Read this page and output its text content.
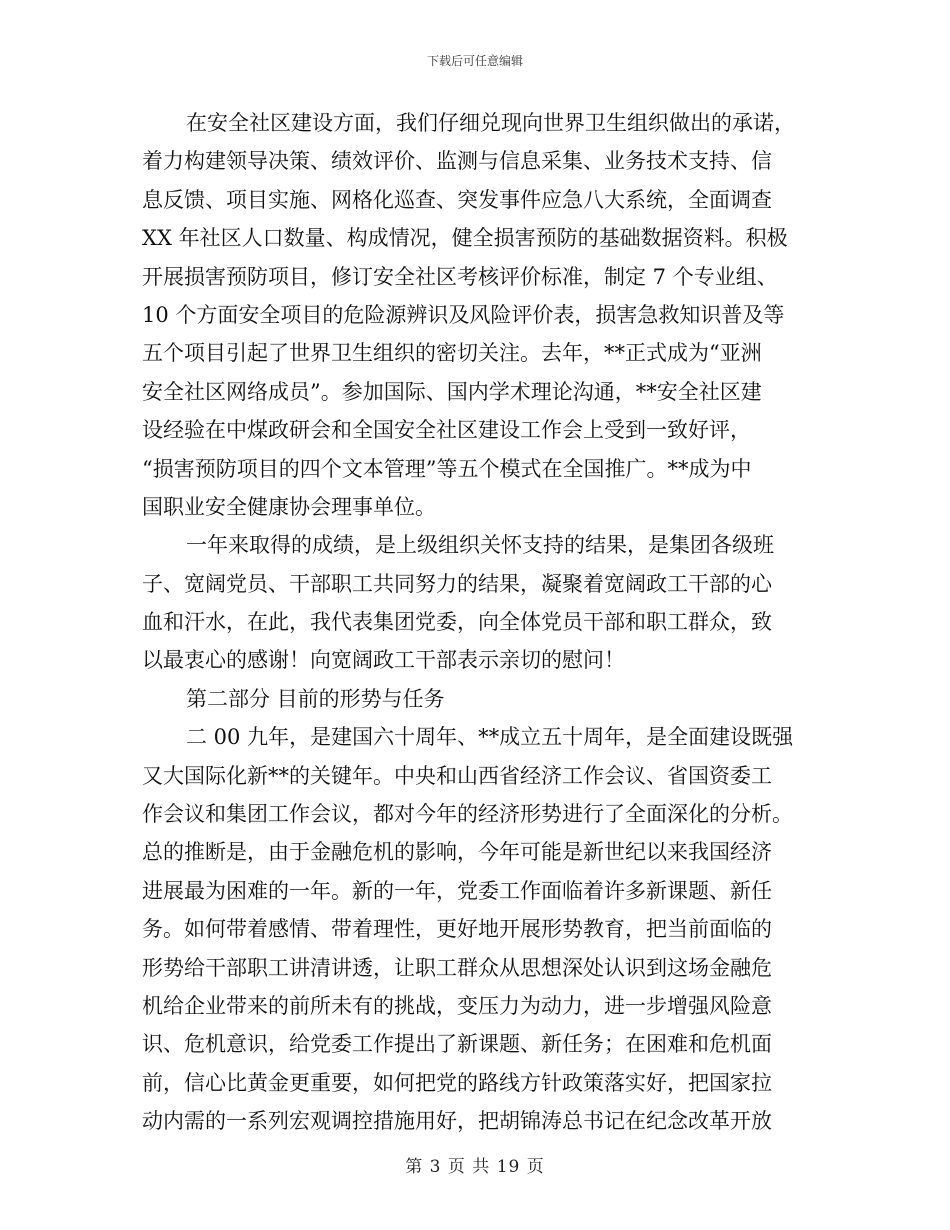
下载后可任意编辑
在安全社区建设方面，我们仔细兑现向世界卫生组织做出的承诺，
着力构建领导决策、绩效评价、监测与信息采集、业务技术支持、信
息反馈、项目实施、网格化巡查、突发事件应急八大系统，全面调查
XX 年社区人口数量、构成情况，健全损害预防的基础数据资料。积极
开展损害预防项目，修订安全社区考核评价标准，制定 7 个专业组、
10 个方面安全项目的危险源辨识及风险评价表，损害急救知识普及等
五个项目引起了世界卫生组织的密切关注。去年，**正式成为“亚洲
安全社区网络成员”。参加国际、国内学术理论沟通，**安全社区建
设经验在中煤政研会和全国安全社区建设工作会上受到一致好评，
“损害预防项目的四个文本管理”等五个模式在全国推广。**成为中
国职业安全健康协会理事单位。
一年来取得的成绩，是上级组织关怀支持的结果，是集团各级班
子、宽阔党员、干部职工共同努力的结果，凝聚着宽阔政工干部的心
血和汗水，在此，我代表集团党委，向全体党员干部和职工群众，致
以最衷心的感谢！向宽阔政工干部表示亲切的慰问！
第二部分 目前的形势与任务
二 00 九年，是建国六十周年、**成立五十周年，是全面建设既强
又大国际化新**的关键年。中央和山西省经济工作会议、省国资委工
作会议和集团工作会议，都对今年的经济形势进行了全面深化的分析。
总的推断是，由于金融危机的影响，今年可能是新世纪以来我国经济
进展最为困难的一年。新的一年，党委工作面临着许多新课题、新任
务。如何带着感情、带着理性，更好地开展形势教育，把当前面临的
形势给干部职工讲清讲透，让职工群众从思想深处认识到这场金融危
机给企业带来的前所未有的挑战，变压力为动力，进一步增强风险意
识、危机意识，给党委工作提出了新课题、新任务；在困难和危机面
前，信心比黄金更重要，如何把党的路线方针政策落实好，把国家拉
动内需的一系列宏观调控措施用好，把胡锦涛总书记在纪念改革开放
第 3 页 共 19 页
